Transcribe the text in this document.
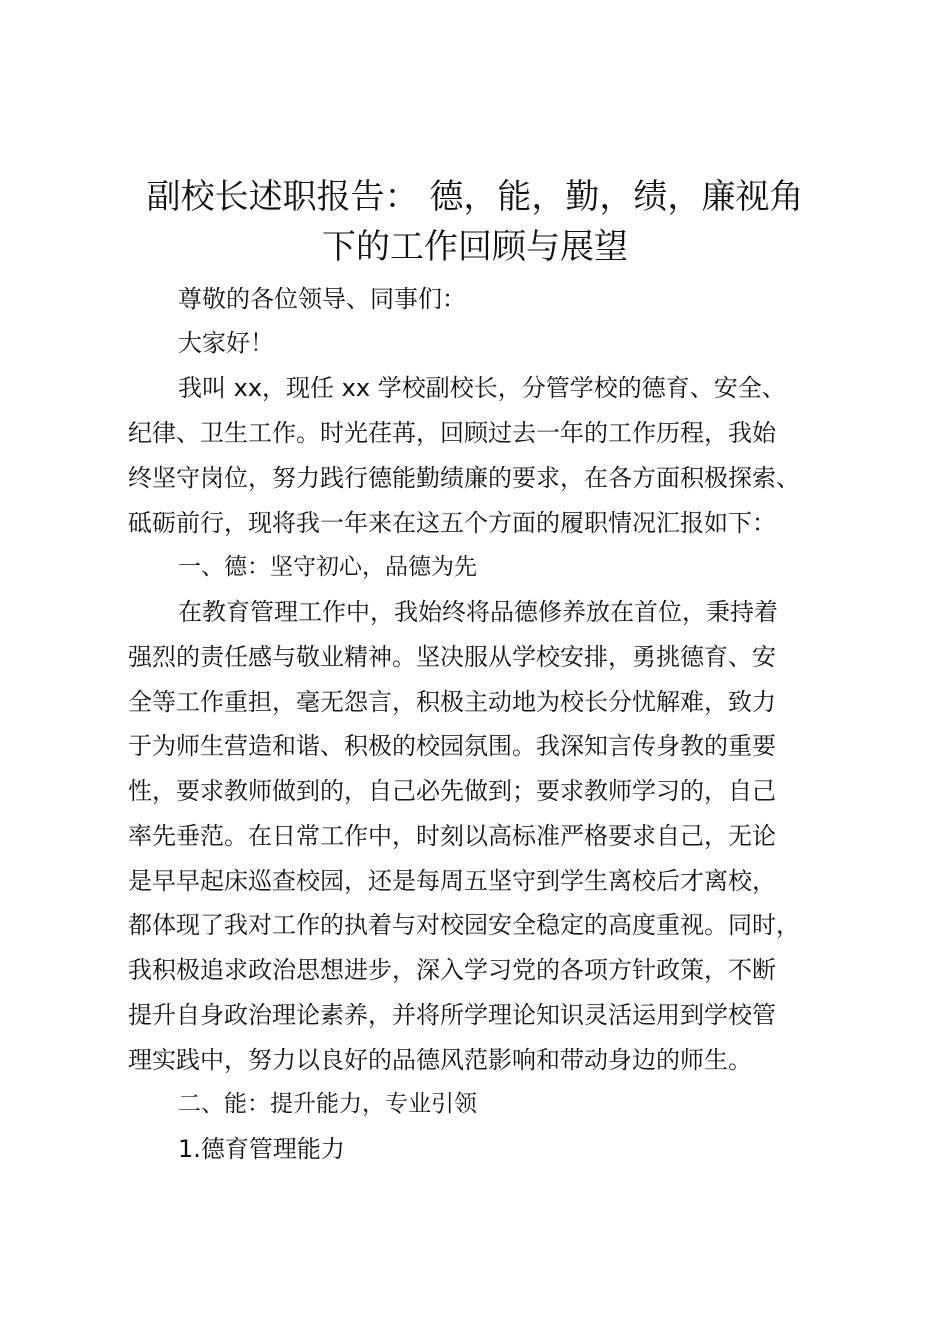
副校长述职报告： 德，能，勤，绩，廉视角
下的工作回顾与展望

尊敬的各位领导、同事们：

大家好！

我叫 xx，现任 xx 学校副校长，分管学校的德育、安全、

纪律、卫生工作。时光荏苒，回顾过去一年的工作历程，我始

终坚守岗位，努力践行德能勤绩廉的要求，在各方面积极探索、

砥砺前行，现将我一年来在这五个方面的履职情况汇报如下：

一、德：坚守初心，品德为先

在教育管理工作中，我始终将品德修养放在首位，秉持着

强烈的责任感与敬业精神。坚决服从学校安排，勇挑德育、安

全等工作重担，毫无怨言，积极主动地为校长分忧解难，致力

于为师生营造和谐、积极的校园氛围。我深知言传身教的重要

性，要求教师做到的，自己必先做到；要求教师学习的，自己

率先垂范。在日常工作中，时刻以高标准严格要求自己，无论

是早早起床巡查校园，还是每周五坚守到学生离校后才离校，

都体现了我对工作的执着与对校园安全稳定的高度重视。同时，

我积极追求政治思想进步，深入学习党的各项方针政策，不断

提升自身政治理论素养，并将所学理论知识灵活运用到学校管

理实践中，努力以良好的品德风范影响和带动身边的师生。

二、能：提升能力，专业引领

1.德育管理能力
